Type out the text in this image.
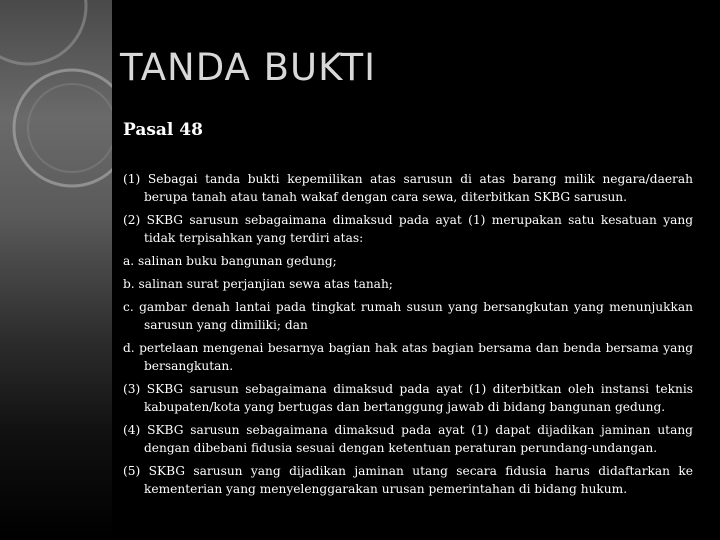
TANDA BUKTI
Pasal 48

(1) Sebagai tanda bukti kepemilikan atas sarusun di atas barang milik negara/daerah berupa tanah atau tanah wakaf dengan cara sewa, diterbitkan SKBG sarusun.

(2) SKBG sarusun sebagaimana dimaksud pada ayat (1) merupakan satu kesatuan yang tidak terpisahkan yang terdiri atas:

a. salinan buku bangunan gedung;

b. salinan surat perjanjian sewa atas tanah;

c. gambar denah lantai pada tingkat rumah susun yang bersangkutan yang menunjukkan sarusun yang dimiliki; dan

d. pertelaan mengenai besarnya bagian hak atas bagian bersama dan benda bersama yang bersangkutan.

(3) SKBG sarusun sebagaimana dimaksud pada ayat (1) diterbitkan oleh instansi teknis kabupaten/kota yang bertugas dan bertanggung jawab di bidang bangunan gedung.

(4) SKBG sarusun sebagaimana dimaksud pada ayat (1) dapat dijadikan jaminan utang dengan dibebani fidusia sesuai dengan ketentuan peraturan perundang-undangan.

(5) SKBG sarusun yang dijadikan jaminan utang secara fidusia harus didaftarkan ke kementerian yang menyelenggarakan urusan pemerintahan di bidang hukum.
